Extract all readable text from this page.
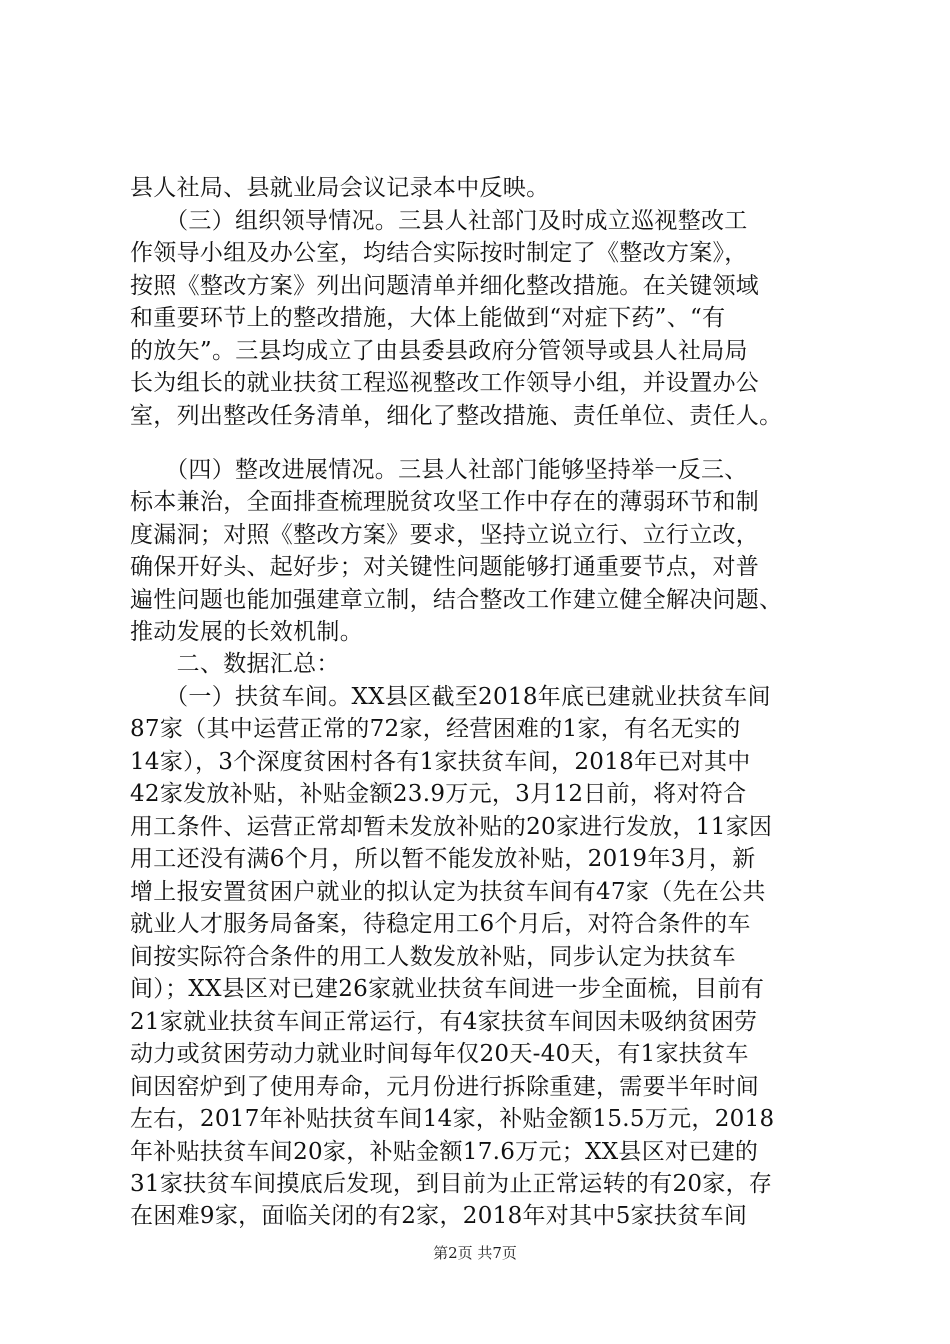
县人社局、县就业局会议记录本中反映。
　　（三）组织领导情况。三县人社部门及时成立巡视整改工
作领导小组及办公室，均结合实际按时制定了《整改方案》，
按照《整改方案》列出问题清单并细化整改措施。在关键领域
和重要环节上的整改措施，大体上能做到“对症下药”、“有
的放矢”。三县均成立了由县委县政府分管领导或县人社局局
长为组长的就业扶贫工程巡视整改工作领导小组，并设置办公
室，列出整改任务清单，细化了整改措施、责任单位、责任人。
　　（四）整改进展情况。三县人社部门能够坚持举一反三、
标本兼治，全面排查梳理脱贫攻坚工作中存在的薄弱环节和制
度漏洞；对照《整改方案》要求，坚持立说立行、立行立改，
确保开好头、起好步；对关键性问题能够打通重要节点，对普
遍性问题也能加强建章立制，结合整改工作建立健全解决问题、
推动发展的长效机制。
　　二、数据汇总：
　　（一）扶贫车间。XX县区截至2018年底已建就业扶贫车间
87家（其中运营正常的72家，经营困难的1家，有名无实的
14家），3个深度贫困村各有1家扶贫车间，2018年已对其中
42家发放补贴，补贴金额23.9万元，3月12日前，将对符合
用工条件、运营正常却暂未发放补贴的20家进行发放，11家因
用工还没有满6个月，所以暂不能发放补贴，2019年3月，新
增上报安置贫困户就业的拟认定为扶贫车间有47家（先在公共
就业人才服务局备案，待稳定用工6个月后，对符合条件的车
间按实际符合条件的用工人数发放补贴，同步认定为扶贫车
间）；XX县区对已建26家就业扶贫车间进一步全面梳，目前有
21家就业扶贫车间正常运行，有4家扶贫车间因未吸纳贫困劳
动力或贫困劳动力就业时间每年仅20天-40天，有1家扶贫车
间因窑炉到了使用寿命，元月份进行拆除重建，需要半年时间
左右，2017年补贴扶贫车间14家，补贴金额15.5万元，2018
年补贴扶贫车间20家，补贴金额17.6万元；XX县区对已建的
31家扶贫车间摸底后发现，到目前为止正常运转的有20家，存
在困难9家，面临关闭的有2家，2018年对其中5家扶贫车间
第2页 共7页
